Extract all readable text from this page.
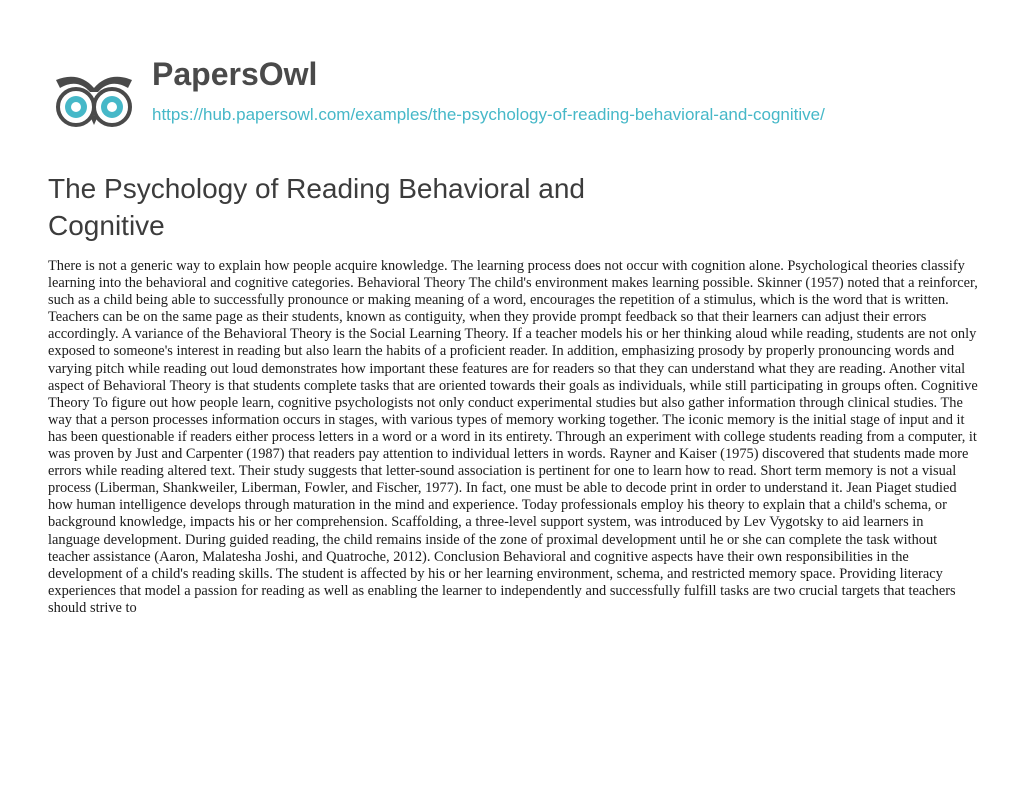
PapersOwl
https://hub.papersowl.com/examples/the-psychology-of-reading-behavioral-and-cognitive/
The Psychology of Reading Behavioral and Cognitive

There is not a generic way to explain how people acquire knowledge. The learning process does not occur with cognition alone. Psychological theories classify learning into the behavioral and cognitive categories. Behavioral Theory The child's environment makes learning possible. Skinner (1957) noted that a reinforcer, such as a child being able to successfully pronounce or making meaning of a word, encourages the repetition of a stimulus, which is the word that is written. Teachers can be on the same page as their students, known as contiguity, when they provide prompt feedback so that their learners can adjust their errors accordingly. A variance of the Behavioral Theory is the Social Learning Theory. If a teacher models his or her thinking aloud while reading, students are not only exposed to someone's interest in reading but also learn the habits of a proficient reader. In addition, emphasizing prosody by properly pronouncing words and varying pitch while reading out loud demonstrates how important these features are for readers so that they can understand what they are reading. Another vital aspect of Behavioral Theory is that students complete tasks that are oriented towards their goals as individuals, while still participating in groups often. Cognitive Theory To figure out how people learn, cognitive psychologists not only conduct experimental studies but also gather information through clinical studies. The way that a person processes information occurs in stages, with various types of memory working together. The iconic memory is the initial stage of input and it has been questionable if readers either process letters in a word or a word in its entirety. Through an experiment with college students reading from a computer, it was proven by Just and Carpenter (1987) that readers pay attention to individual letters in words. Rayner and Kaiser (1975) discovered that students made more errors while reading altered text. Their study suggests that letter-sound association is pertinent for one to learn how to read. Short term memory is not a visual process (Liberman, Shankweiler, Liberman, Fowler, and Fischer, 1977). In fact, one must be able to decode print in order to understand it. Jean Piaget studied how human intelligence develops through maturation in the mind and experience. Today professionals employ his theory to explain that a child's schema, or background knowledge, impacts his or her comprehension. Scaffolding, a three-level support system, was introduced by Lev Vygotsky to aid learners in language development. During guided reading, the child remains inside of the zone of proximal development until he or she can complete the task without teacher assistance (Aaron, Malatesha Joshi, and Quatroche, 2012). Conclusion Behavioral and cognitive aspects have their own responsibilities in the development of a child's reading skills. The student is affected by his or her learning environment, schema, and restricted memory space. Providing literacy experiences that model a passion for reading as well as enabling the learner to independently and successfully fulfill tasks are two crucial targets that teachers should strive to
